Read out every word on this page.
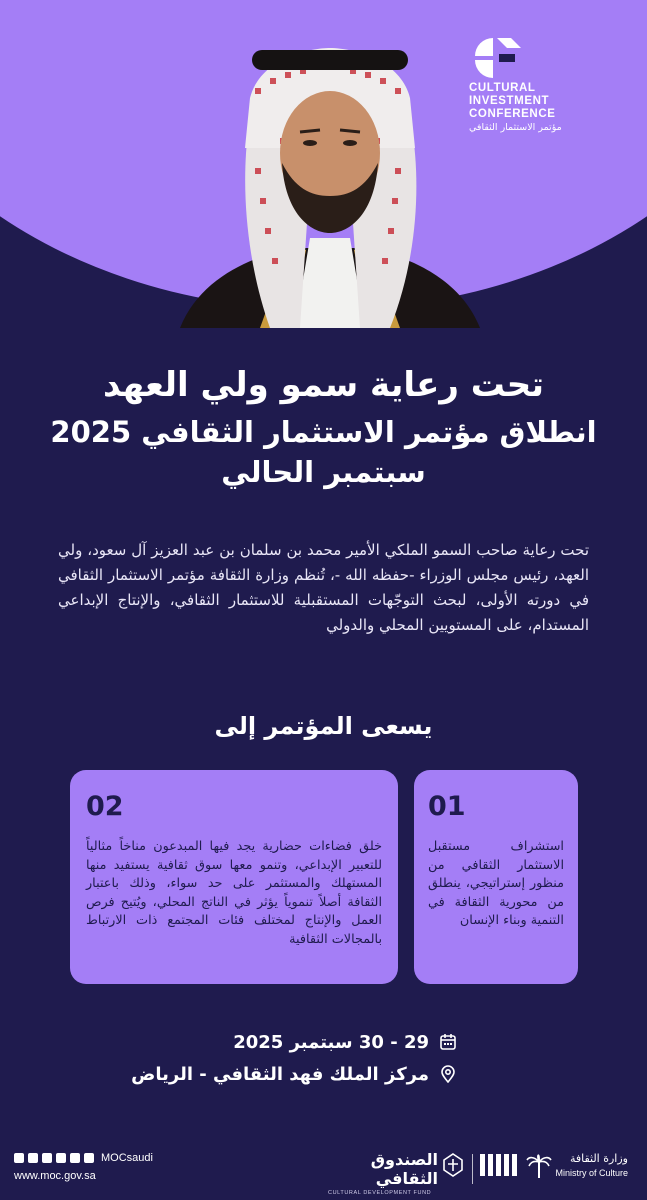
CULTURAL
INVESTMENT
CONFERENCE
مؤتمر الاستثمار الثقافي
تحت رعاية سمو ولي العهد
انطلاق مؤتمر الاستثمار الثقافي 2025
سبتمبر الحالي
تحت رعاية صاحب السمو الملكي الأمير محمد بن سلمان بن عبد العزيز آل سعود، ولي العهد، رئيس مجلس الوزراء -حفظه الله -، تُنظم وزارة الثقافة مؤتمر الاستثمار الثقافي في دورته الأولى، لبحث التوجّهات المستقبلية للاستثمار الثقافي، والإنتاج الإبداعي المستدام، على المستويين المحلي والدولي
يسعى المؤتمر إلى
01
استشراف مستقبل الاستثمار الثقافي من منظور إستراتيجي، ينطلق من محورية الثقافة في التنمية وبناء الإنسان
02
خلق فضاءات حضارية يجد فيها المبدعون مناخاً مثالياً للتعبير الإبداعي، وتنمو معها سوق ثقافية يستفيد منها المستهلك والمستثمر على حد سواء، وذلك باعتبار الثقافة أصلاً تنموياً يؤثر في الناتج المحلي، ويُتيح فرص العمل والإنتاج لمختلف فئات المجتمع ذات الارتباط بالمجالات الثقافية
29 - 30 سبتمبر 2025
مركز الملك فهد الثقافي - الرياض
MOCsaudi
www.moc.gov.sa
الصندوق الثقافي
CULTURAL DEVELOPMENT FUND
وزارة الثقافة
Ministry of Culture
